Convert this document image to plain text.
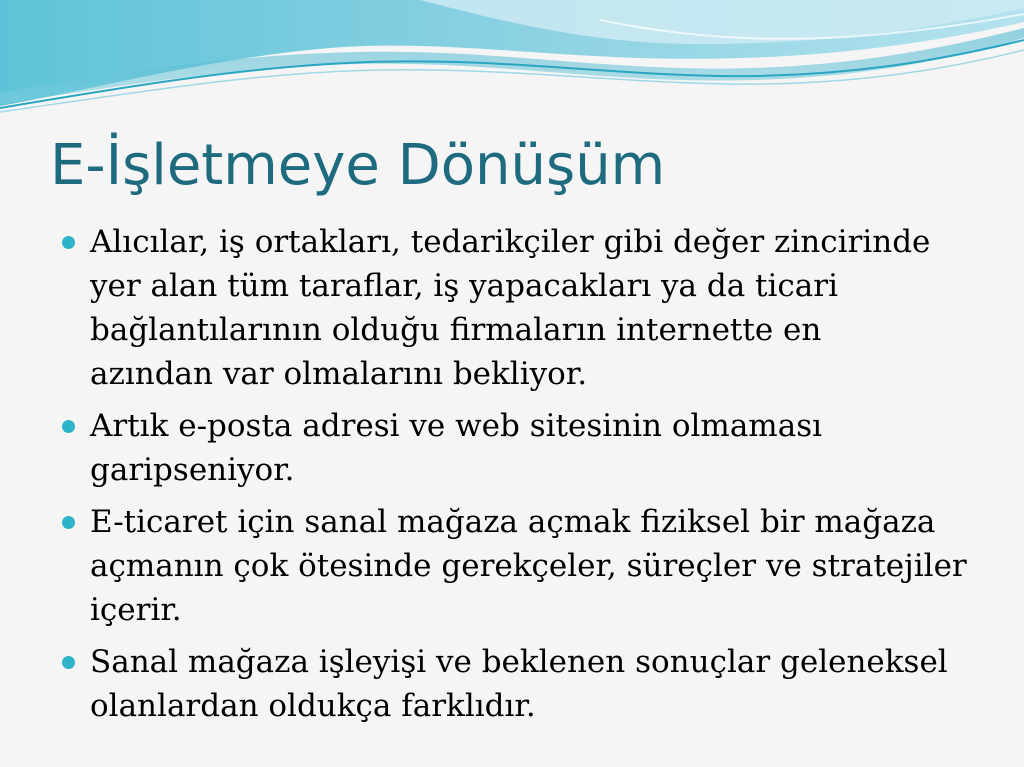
E-İşletmeye Dönüşüm
Alıcılar, iş ortakları, tedarikçiler gibi değer zincirinde
yer alan tüm taraflar, iş yapacakları ya da ticari
bağlantılarının olduğu firmaların internette en
azından var olmalarını bekliyor.
Artık e-posta adresi ve web sitesinin olmaması
garipseniyor.
E-ticaret için sanal mağaza açmak fiziksel bir mağaza
açmanın çok ötesinde gerekçeler, süreçler ve stratejiler
içerir.
Sanal mağaza işleyişi ve beklenen sonuçlar geleneksel
olanlardan oldukça farklıdır.
